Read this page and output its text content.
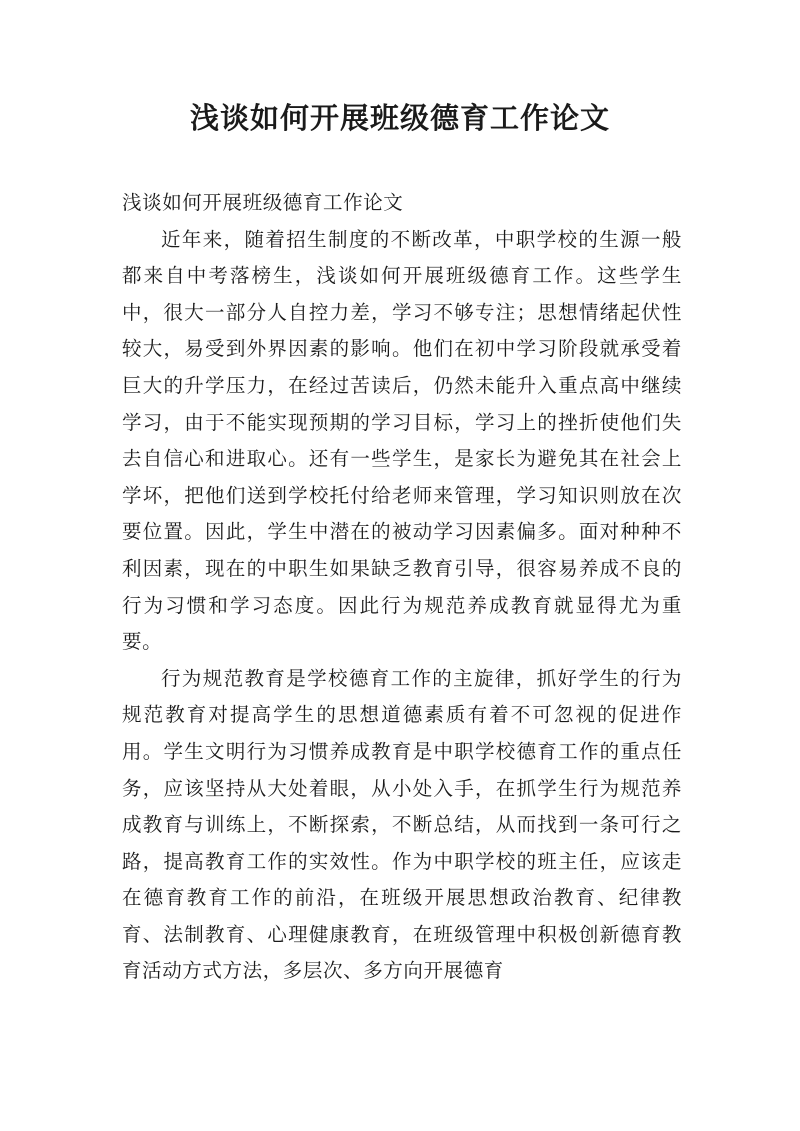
浅谈如何开展班级德育工作论文

浅谈如何开展班级德育工作论文

近年来，随着招生制度的不断改革，中职学校的生源一般都来自中考落榜生，浅谈如何开展班级德育工作。这些学生中，很大一部分人自控力差，学习不够专注；思想情绪起伏性较大，易受到外界因素的影响。他们在初中学习阶段就承受着巨大的升学压力，在经过苦读后，仍然未能升入重点高中继续学习，由于不能实现预期的学习目标，学习上的挫折使他们失去自信心和进取心。还有一些学生，是家长为避免其在社会上学坏，把他们送到学校托付给老师来管理，学习知识则放在次要位置。因此，学生中潜在的被动学习因素偏多。面对种种不利因素，现在的中职生如果缺乏教育引导，很容易养成不良的行为习惯和学习态度。因此行为规范养成教育就显得尤为重要。

行为规范教育是学校德育工作的主旋律，抓好学生的行为规范教育对提高学生的思想道德素质有着不可忽视的促进作用。学生文明行为习惯养成教育是中职学校德育工作的重点任务，应该坚持从大处着眼，从小处入手，在抓学生行为规范养成教育与训练上，不断探索，不断总结，从而找到一条可行之路，提高教育工作的实效性。作为中职学校的班主任，应该走在德育教育工作的前沿，在班级开展思想政治教育、纪律教育、法制教育、心理健康教育，在班级管理中积极创新德育教育活动方式方法，多层次、多方向开展德育
